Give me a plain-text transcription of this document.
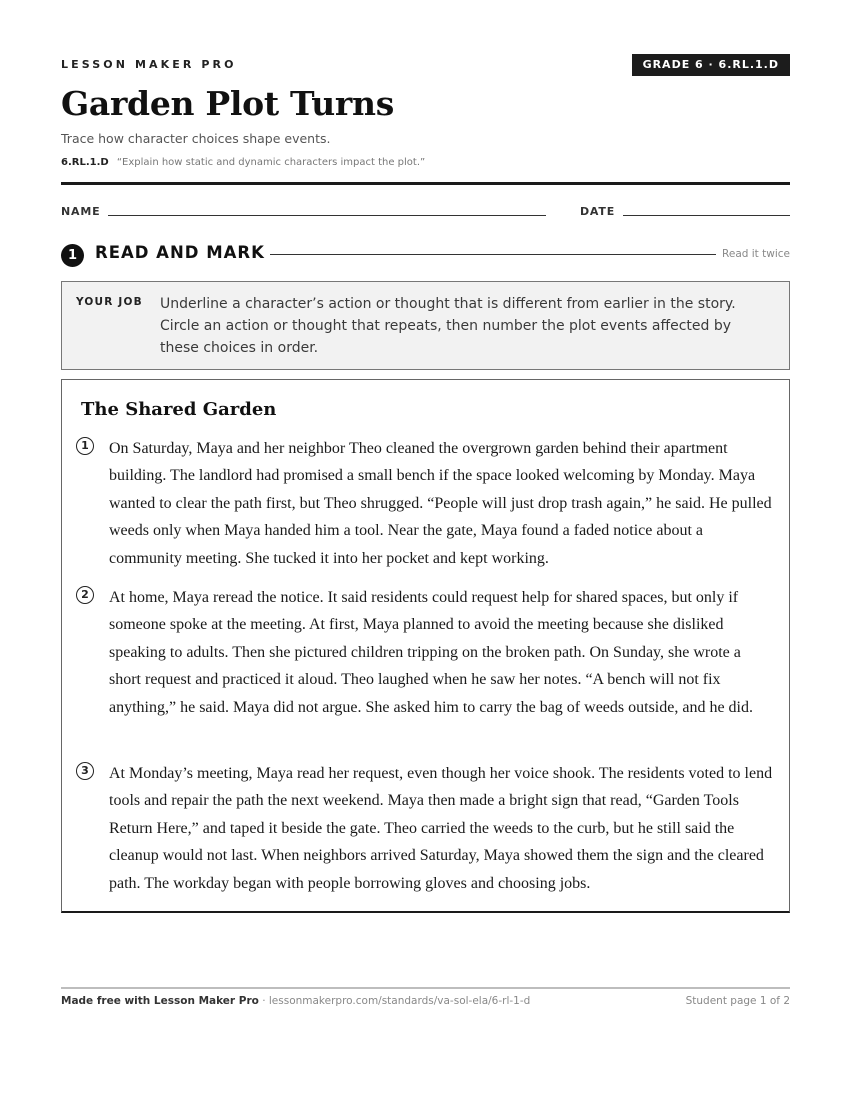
LESSON MAKER PRO	GRADE 6 · 6.RL.1.D
Garden Plot Turns
Trace how character choices shape events.
6.RL.1.D “Explain how static and dynamic characters impact the plot.”
NAME	DATE
1	READ AND MARK	Read it twice
YOUR JOB Underline a character’s action or thought that is different from earlier in the story. Circle an action or thought that repeats, then number the plot events affected by these choices in order.
The Shared Garden
1	On Saturday, Maya and her neighbor Theo cleaned the overgrown garden behind their apartment building. The landlord had promised a small bench if the space looked welcoming by Monday. Maya wanted to clear the path first, but Theo shrugged. “People will just drop trash again,” he said. He pulled weeds only when Maya handed him a tool. Near the gate, Maya found a faded notice about a community meeting. She tucked it into her pocket and kept working.

2	At home, Maya reread the notice. It said residents could request help for shared spaces, but only if someone spoke at the meeting. At first, Maya planned to avoid the meeting because she disliked speaking to adults. Then she pictured children tripping on the broken path. On Sunday, she wrote a short request and practiced it aloud. Theo laughed when he saw her notes. “A bench will not fix anything,” he said. Maya did not argue. She asked him to carry the bag of weeds outside, and he did.

3	At Monday’s meeting, Maya read her request, even though her voice shook. The residents voted to lend tools and repair the path the next weekend. Maya then made a bright sign that read, “Garden Tools Return Here,” and taped it beside the gate. Theo carried the weeds to the curb, but he still said the cleanup would not last. When neighbors arrived Saturday, Maya showed them the sign and the cleared path. The workday began with people borrowing gloves and choosing jobs.

Made free with Lesson Maker Pro · lessonmakerpro.com/standards/va-sol-ela/6-rl-1-d	Student page 1 of 2
